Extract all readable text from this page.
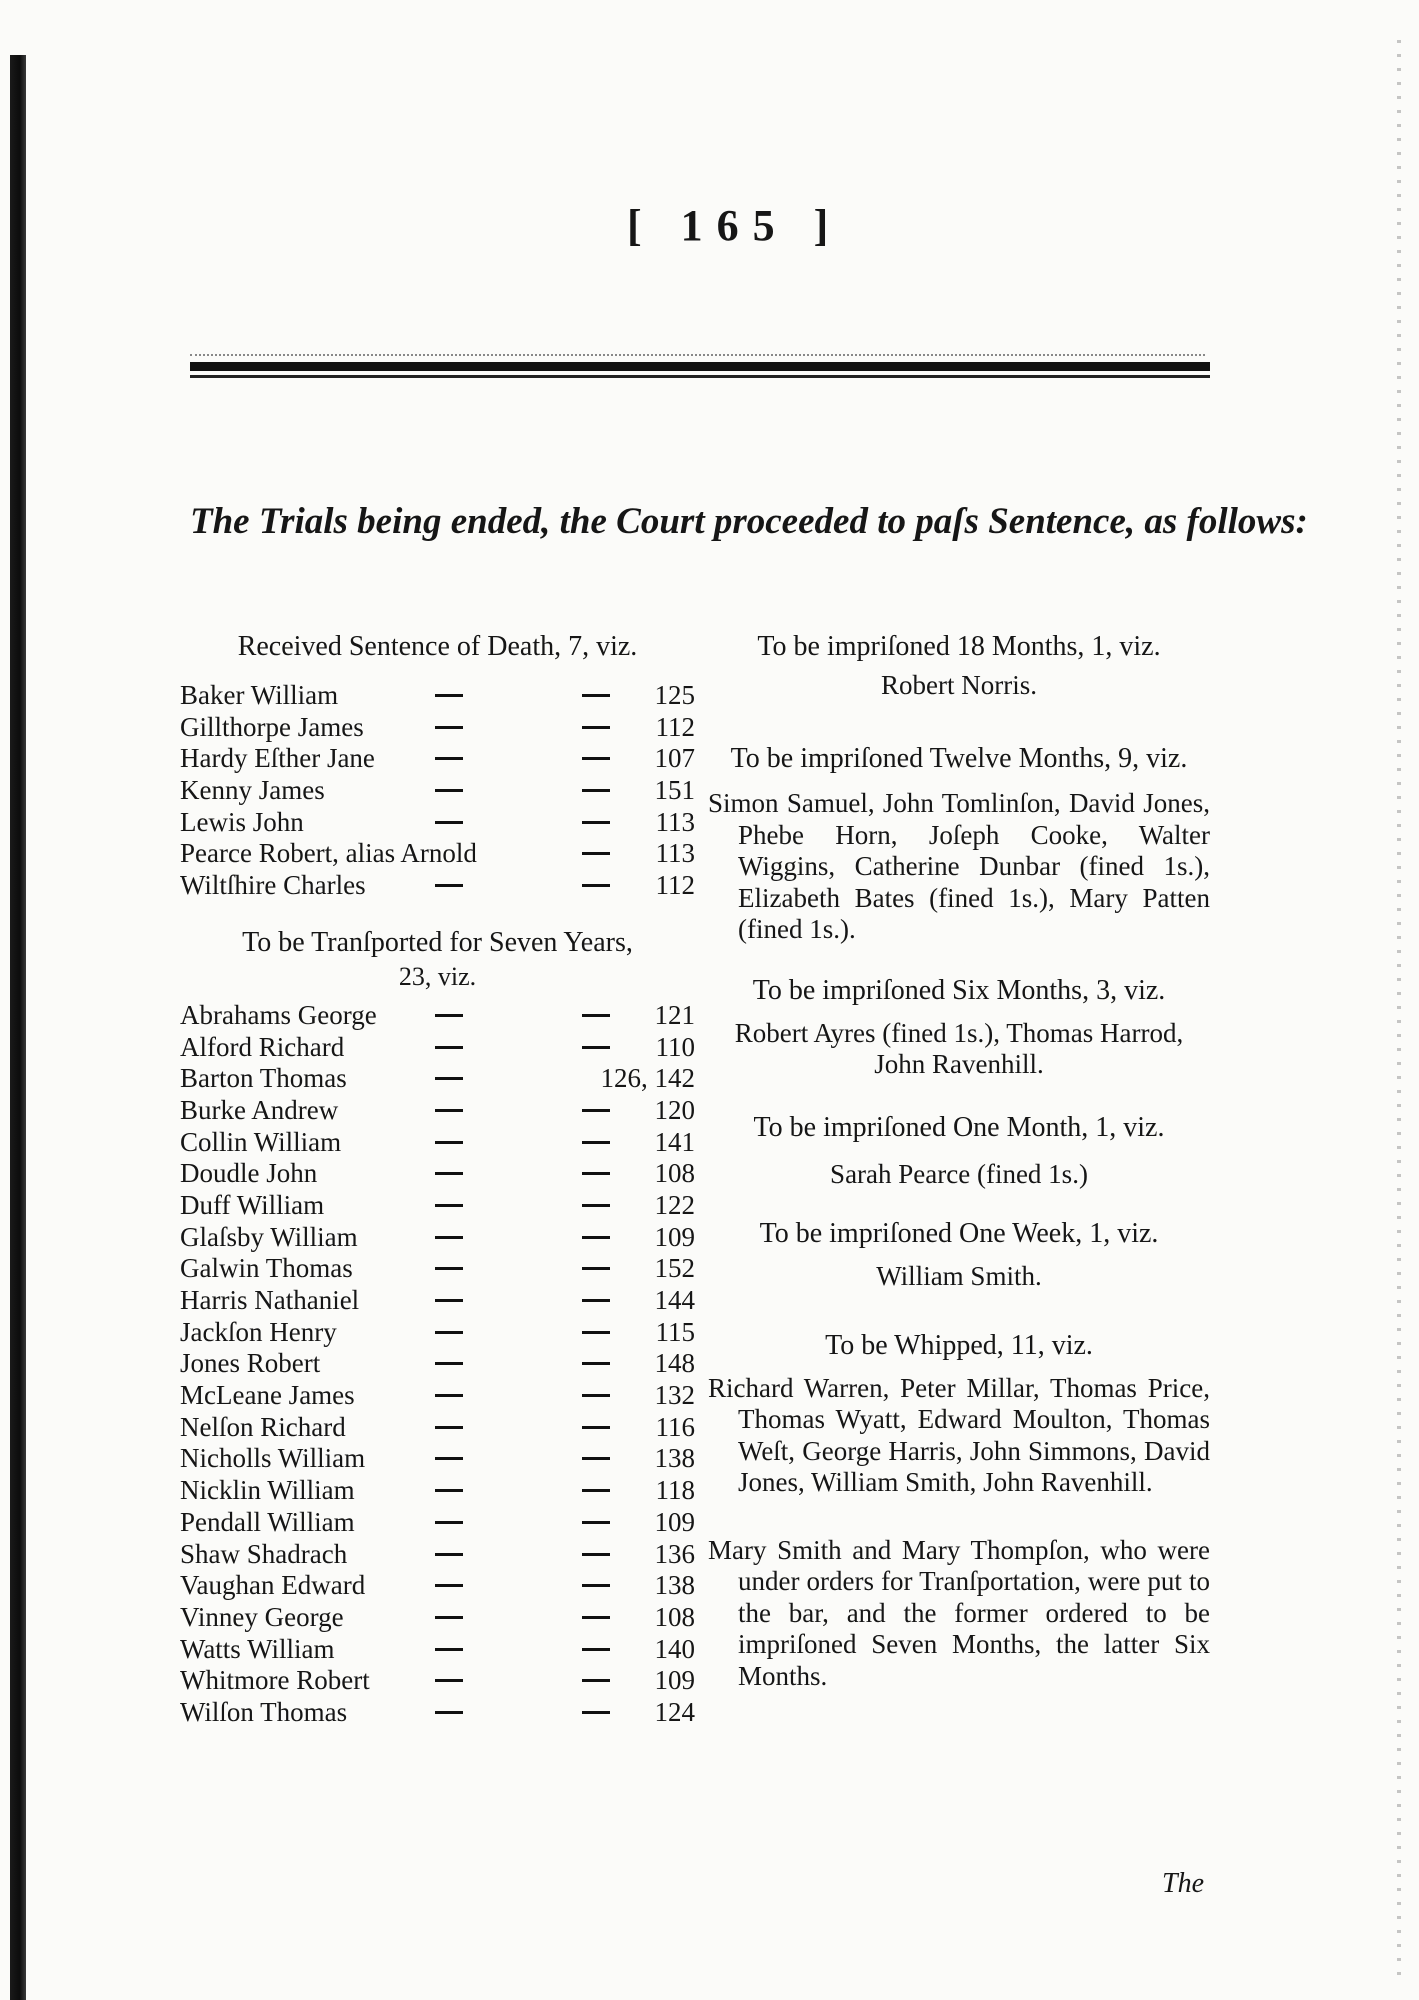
[ 165 ]
The Trials being ended, the Court proceeded to paſs Sentence, as follows:

Received Sentence of Death, 7, viz.

Baker William	125
Gillthorpe James	112
Hardy Eſther Jane	107
Kenny James	151
Lewis John	113
Pearce Robert, alias Arnold	113
Wiltſhire Charles	112

To be Tranſported for Seven Years,

23, viz.

Abrahams George	121
Alford Richard	110
Barton Thomas	126, 142
Burke Andrew	120
Collin William	141
Doudle John	108
Duff William	122
Glaſsby William	109
Galwin Thomas	152
Harris Nathaniel	144
Jackſon Henry	115
Jones Robert	148
McLeane James	132
Nelſon Richard	116
Nicholls William	138
Nicklin William	118
Pendall William	109
Shaw Shadrach	136
Vaughan Edward	138
Vinney George	108
Watts William	140
Whitmore Robert	109
Wilſon Thomas	124

To be impriſoned 18 Months, 1, viz.

Robert Norris.

To be impriſoned Twelve Months, 9, viz.

Simon Samuel, John Tomlinſon, David Jones, Phebe Horn, Joſeph Cooke, Walter Wiggins, Catherine Dunbar (fined 1s.), Elizabeth Bates (fined 1s.), Mary Patten (fined 1s.).

To be impriſoned Six Months, 3, viz.

Robert Ayres (fined 1s.), Thomas Harrod, John Ravenhill.

To be impriſoned One Month, 1, viz.

Sarah Pearce (fined 1s.)

To be impriſoned One Week, 1, viz.

William Smith.

To be Whipped, 11, viz.

Richard Warren, Peter Millar, Thomas Price, Thomas Wyatt, Edward Moulton, Thomas Weſt, George Harris, John Simmons, David Jones, William Smith, John Ravenhill.

Mary Smith and Mary Thompſon, who were under orders for Tranſportation, were put to the bar, and the former ordered to be impriſoned Seven Months, the latter Six Months.

The
